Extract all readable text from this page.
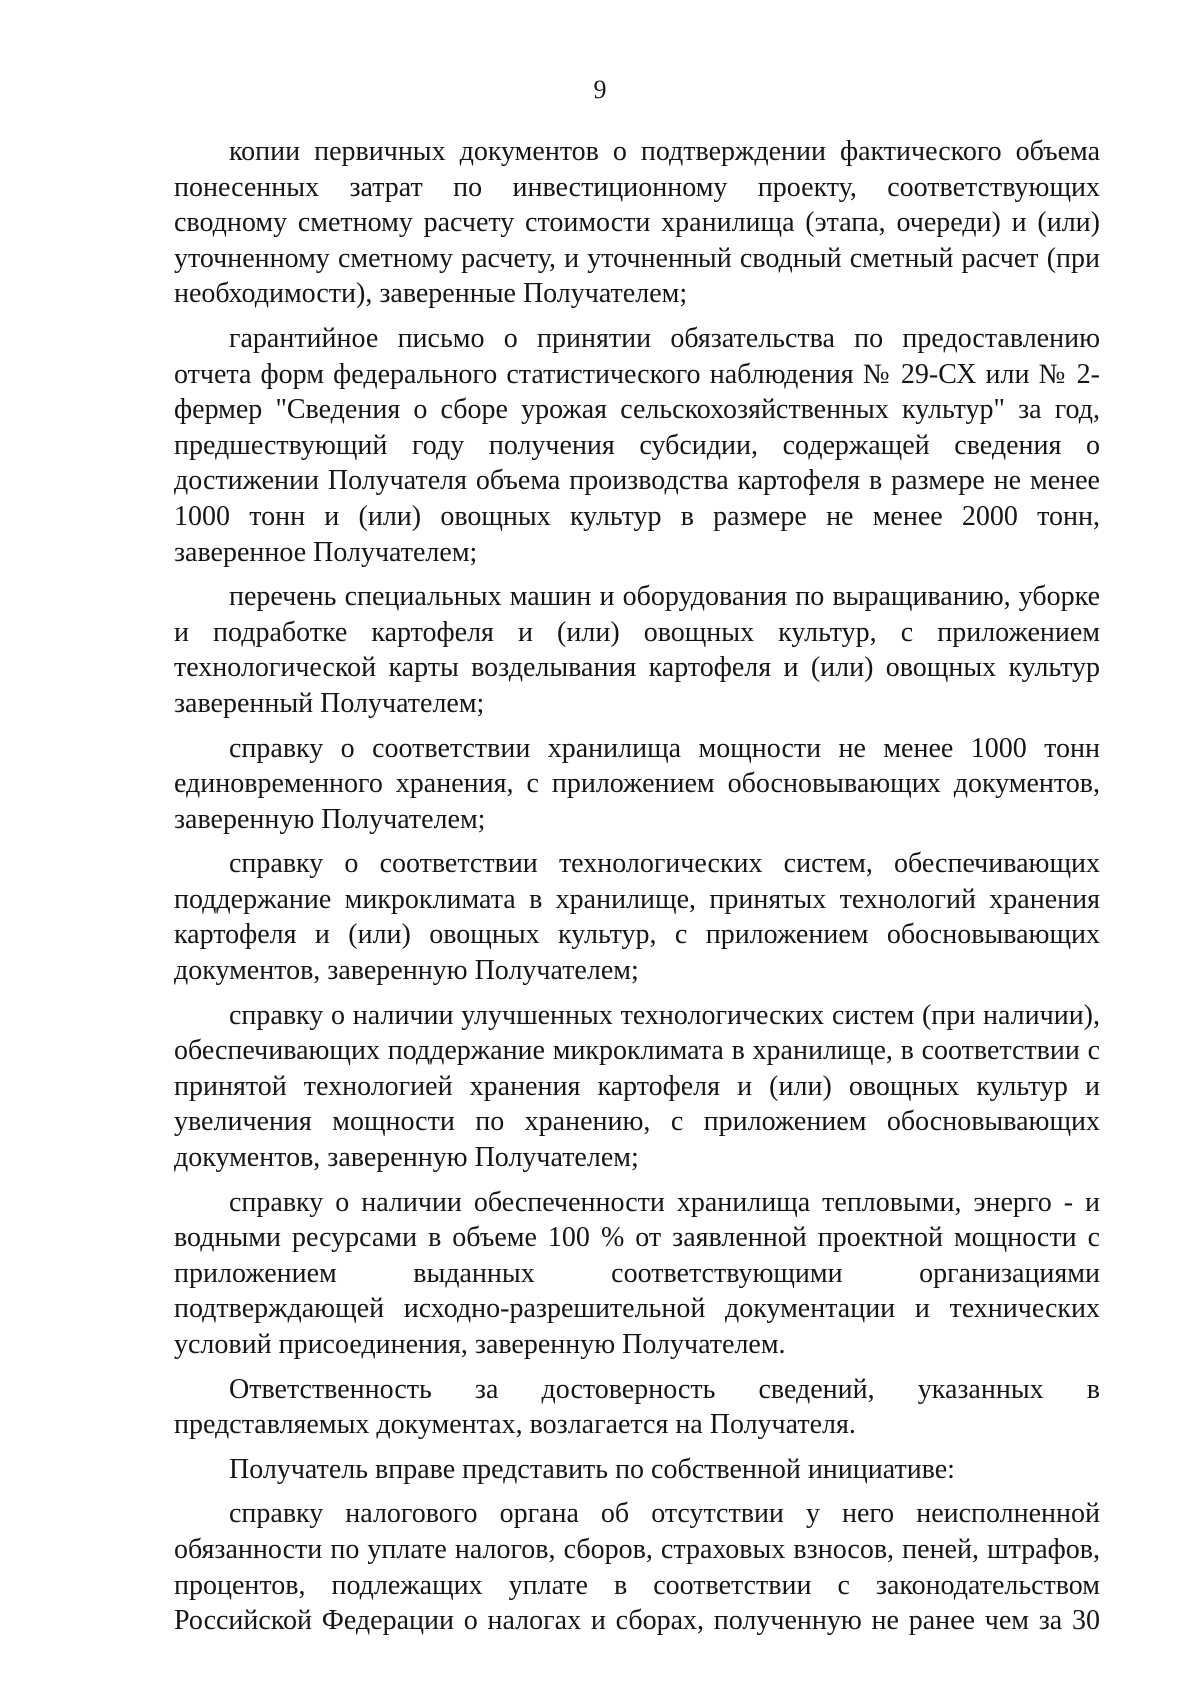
9

копии первичных документов о подтверждении фактического объема понесенных затрат по инвестиционному проекту, соответствующих сводному сметному расчету стоимости хранилища (этапа, очереди) и (или) уточненному сметному расчету, и уточненный сводный сметный расчет (при необходимости), заверенные Получателем;

гарантийное письмо о принятии обязательства по предоставлению отчета форм федерального статистического наблюдения № 29-СХ или № 2-фермер "Сведения о сборе урожая сельскохозяйственных культур" за год, предшествующий году получения субсидии, содержащей сведения о достижении Получателя объема производства картофеля в размере не менее 1000 тонн и (или) овощных культур в размере не менее 2000 тонн, заверенное Получателем;

перечень специальных машин и оборудования по выращиванию, уборке и подработке картофеля и (или) овощных культур, с приложением технологической карты возделывания картофеля и (или) овощных культур заверенный Получателем;

справку о соответствии хранилища мощности не менее 1000 тонн единовременного хранения, с приложением обосновывающих документов, заверенную Получателем;

справку о соответствии технологических систем, обеспечивающих поддержание микроклимата в хранилище, принятых технологий хранения картофеля и (или) овощных культур, с приложением обосновывающих документов, заверенную Получателем;

справку о наличии улучшенных технологических систем (при наличии), обеспечивающих поддержание микроклимата в хранилище, в соответствии с принятой технологией хранения картофеля и (или) овощных культур и увеличения мощности по хранению, с приложением обосновывающих документов, заверенную Получателем;

справку о наличии обеспеченности хранилища тепловыми, энерго - и водными ресурсами в объеме 100 % от заявленной проектной мощности с приложением выданных соответствующими организациями подтверждающей исходно-разрешительной документации и технических условий присоединения, заверенную Получателем.

Ответственность за достоверность сведений, указанных в представляемых документах, возлагается на Получателя.

Получатель вправе представить по собственной инициативе:

справку налогового органа об отсутствии у него неисполненной обязанности по уплате налогов, сборов, страховых взносов, пеней, штрафов, процентов, подлежащих уплате в соответствии с законодательством Российской Федерации о налогах и сборах, полученную не ранее чем за 30
